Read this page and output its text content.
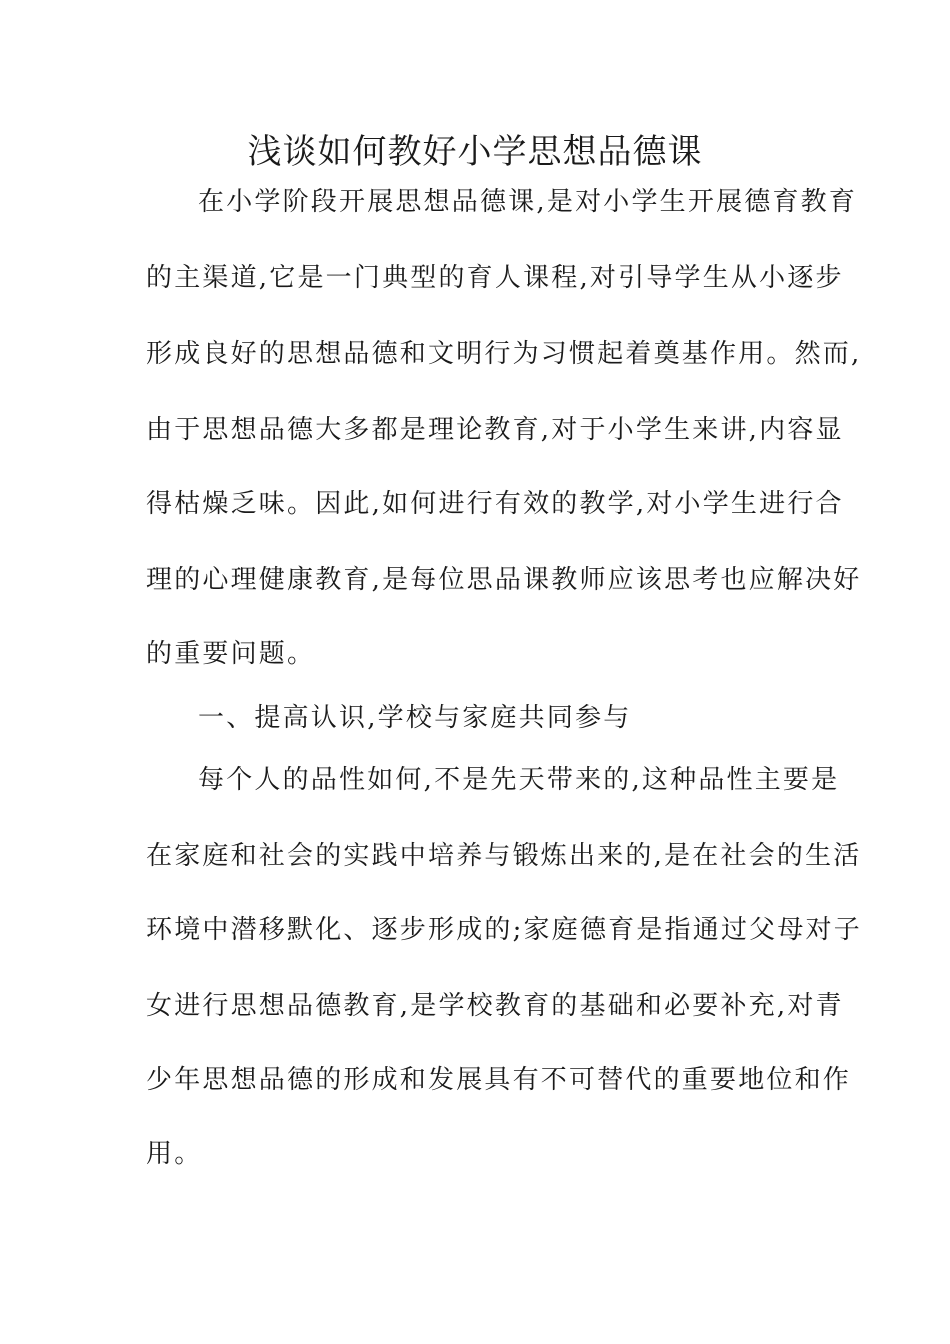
浅谈如何教好小学思想品德课
在小学阶段开展思想品德课,是对小学生开展德育教育
的主渠道,它是一门典型的育人课程,对引导学生从小逐步
形成良好的思想品德和文明行为习惯起着奠基作用。然而,
由于思想品德大多都是理论教育,对于小学生来讲,内容显
得枯燥乏味。因此,如何进行有效的教学,对小学生进行合
理的心理健康教育,是每位思品课教师应该思考也应解决好
的重要问题。
一、提高认识,学校与家庭共同参与
每个人的品性如何,不是先天带来的,这种品性主要是
在家庭和社会的实践中培养与锻炼出来的,是在社会的生活
环境中潜移默化、逐步形成的;家庭德育是指通过父母对子
女进行思想品德教育,是学校教育的基础和必要补充,对青
少年思想品德的形成和发展具有不可替代的重要地位和作
用。
